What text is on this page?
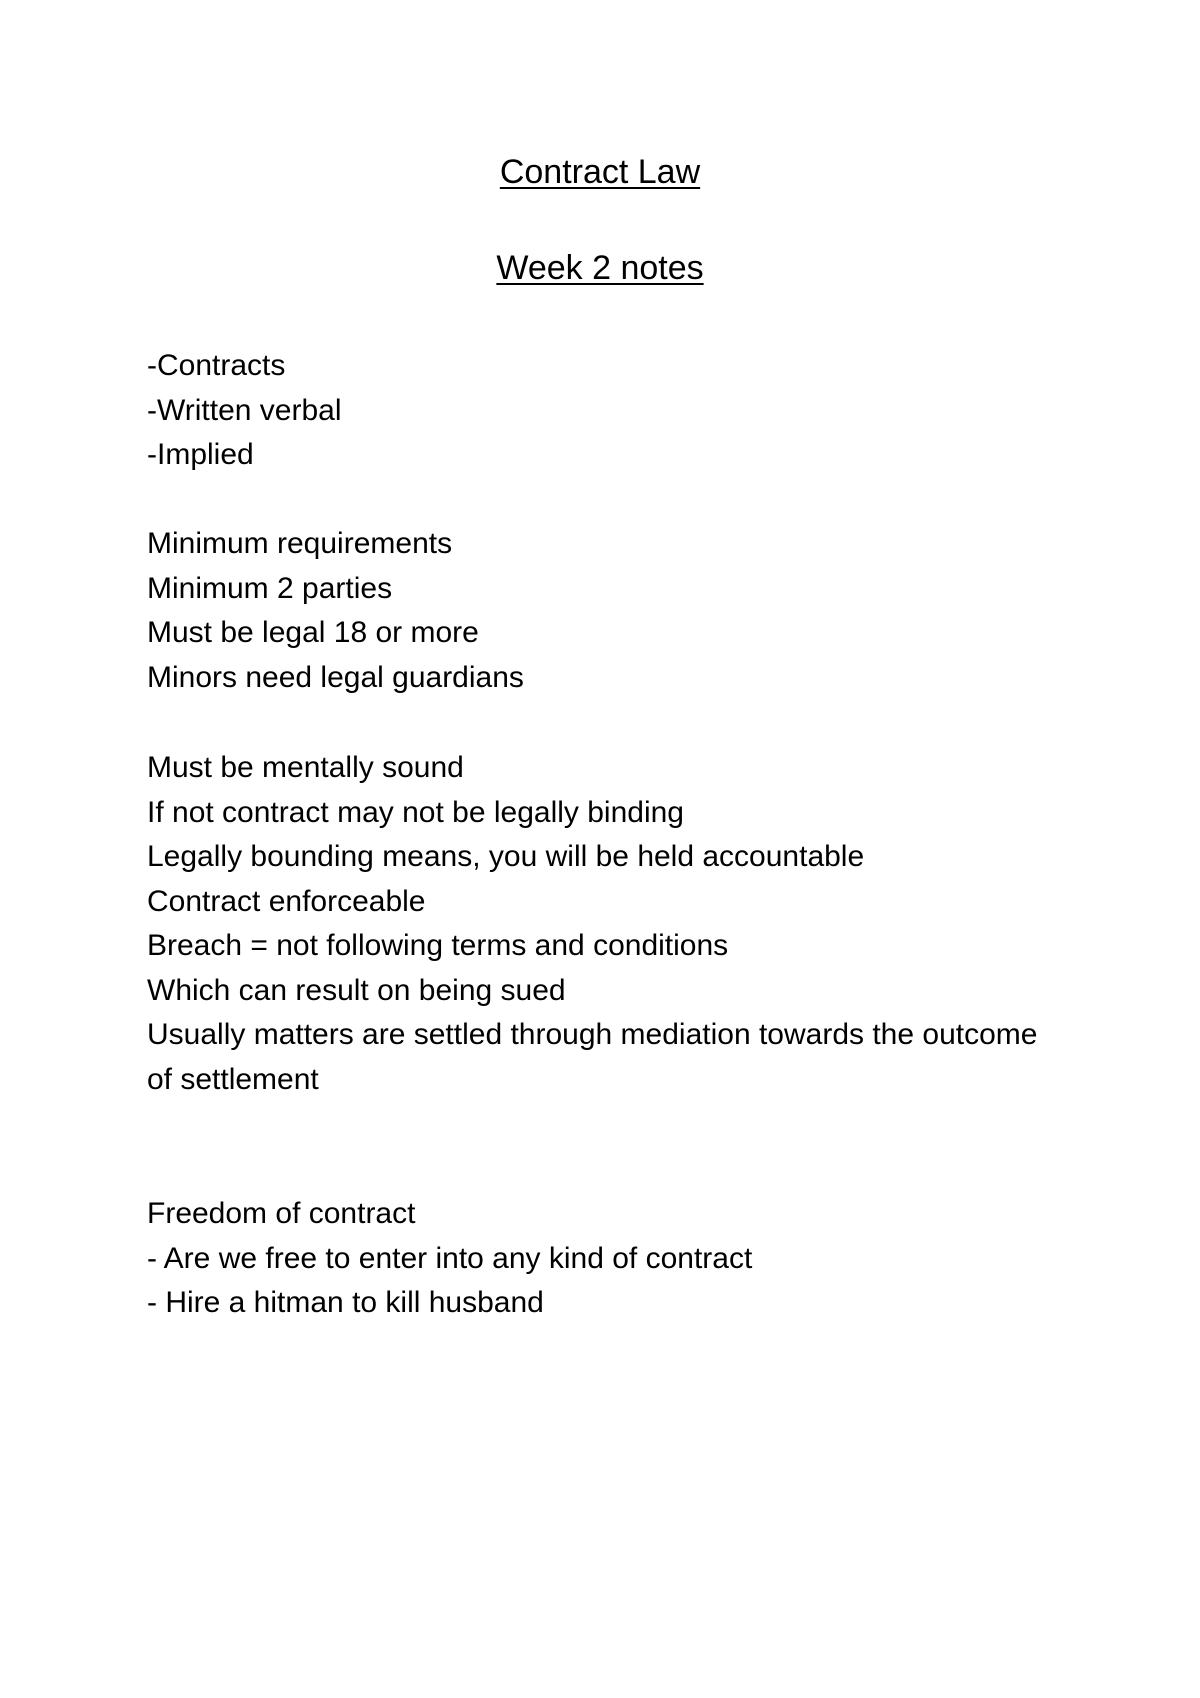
Contract Law
Week 2 notes
-Contracts
-Written verbal
-Implied
Minimum requirements
Minimum 2 parties
Must be legal 18 or more
Minors need legal guardians
Must be mentally sound
If not contract may not be legally binding
Legally bounding means, you will be held accountable
Contract enforceable
Breach = not following terms and conditions
Which can result on being sued
Usually matters are settled through mediation towards the outcome of settlement
Freedom of contract
- Are we free to enter into any kind of contract
- Hire a hitman to kill husband
